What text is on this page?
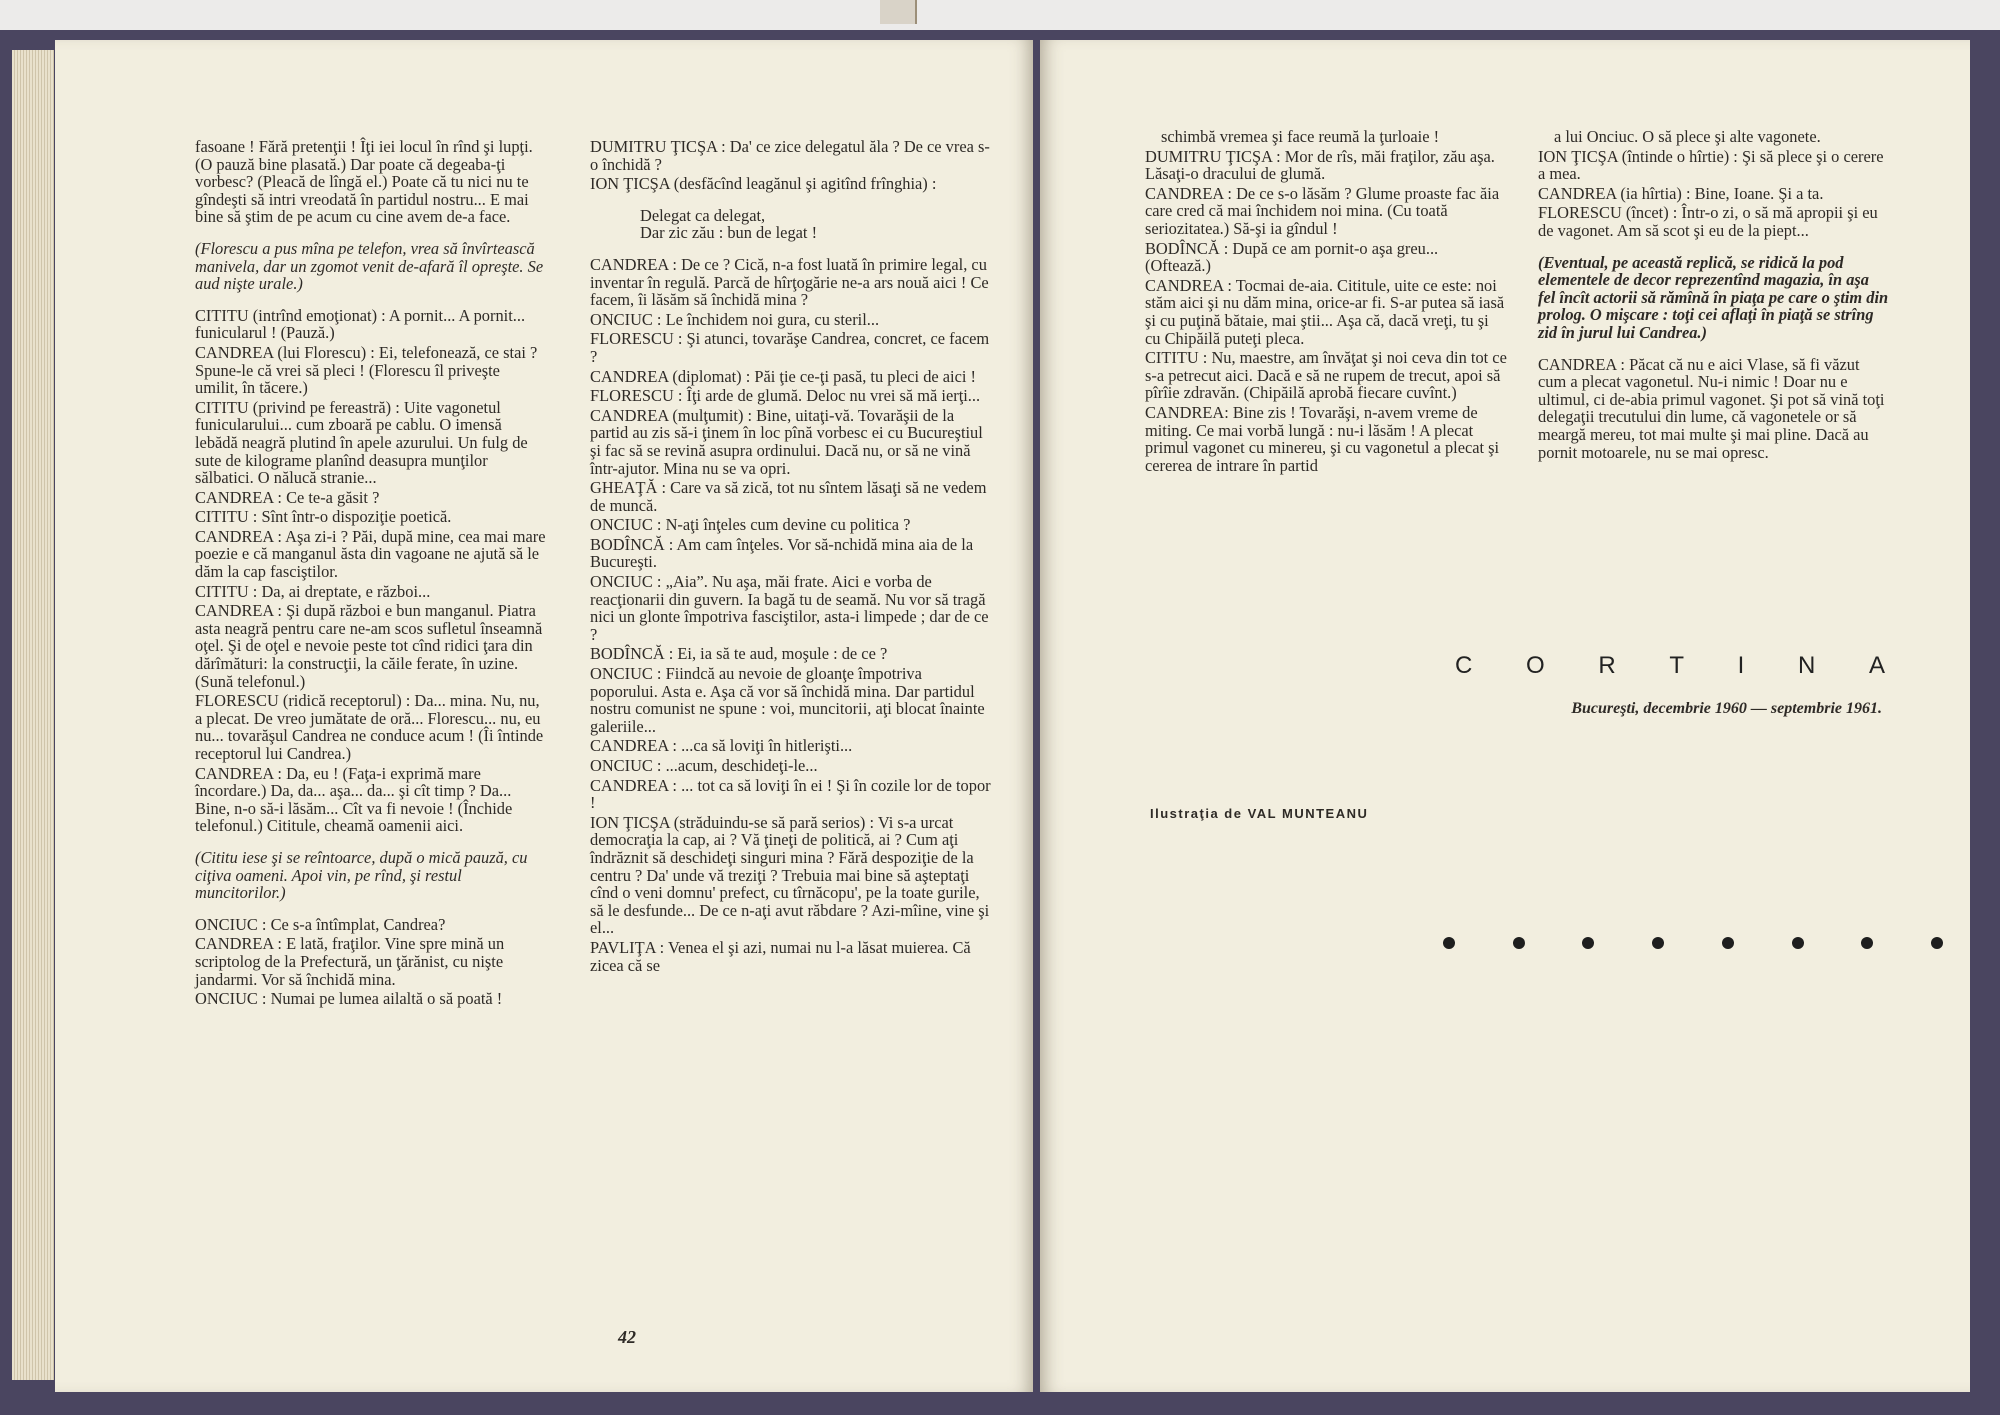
fasoane ! Fără pretenţii ! Îţi iei locul în rînd şi lupţi. (O pauză bine plasată.) Dar poate că degeaba-ţi vorbesc? (Pleacă de lîngă el.) Poate că tu nici nu te gîndeşti să intri vreodată în partidul nostru... E mai bine să ştim de pe acum cu cine avem de-a face.

(Florescu a pus mîna pe telefon, vrea să învîrtească manivela, dar un zgomot venit de-afară îl opreşte. Se aud nişte urale.)

CITITU (intrînd emoţionat) : A pornit... A pornit... funicularul ! (Pauză.)

CANDREA (lui Florescu) : Ei, telefonează, ce stai ? Spune-le că vrei să pleci ! (Florescu îl priveşte umilit, în tăcere.)

CITITU (privind pe fereastră) : Uite vagonetul funicularului... cum zboară pe cablu. O imensă lebădă neagră plutind în apele azurului. Un fulg de sute de kilograme planînd deasupra munţilor sălbatici. O nălucă stranie...

CANDREA : Ce te-a găsit ?

CITITU : Sînt într-o dispoziţie poetică.

CANDREA : Aşa zi-i ? Păi, după mine, cea mai mare poezie e că manganul ăsta din vagoane ne ajută să le dăm la cap fasciştilor.

CITITU : Da, ai dreptate, e război...

CANDREA : Şi după război e bun manganul. Piatra asta neagră pentru care ne-am scos sufletul înseamnă oţel. Şi de oţel e nevoie peste tot cînd ridici ţara din dărîmături: la construcţii, la căile ferate, în uzine. (Sună telefonul.)

FLORESCU (ridică receptorul) : Da... mina. Nu, nu, a plecat. De vreo jumătate de oră... Florescu... nu, eu nu... tovarăşul Candrea ne conduce acum ! (Îi întinde receptorul lui Candrea.)

CANDREA : Da, eu ! (Faţa-i exprimă mare încordare.) Da, da... aşa... da... şi cît timp ? Da... Bine, n-o să-i lăsăm... Cît va fi nevoie ! (Închide telefonul.) Cititule, cheamă oamenii aici.

(Cititu iese şi se reîntoarce, după o mică pauză, cu ciţiva oameni. Apoi vin, pe rînd, şi restul muncitorilor.)

ONCIUC : Ce s-a întîmplat, Candrea?

CANDREA : E lată, fraţilor. Vine spre mină un scriptolog de la Prefectură, un ţărănist, cu nişte jandarmi. Vor să închidă mina.

ONCIUC : Numai pe lumea ailaltă o să poată !

DUMITRU ŢICŞA : Da' ce zice delegatul ăla ? De ce vrea s-o închidă ?

ION ŢICŞA (desfăcînd leagănul şi agitînd frînghia) :

Delegat ca delegat,

Dar zic zău : bun de legat !

CANDREA : De ce ? Cică, n-a fost luată în primire legal, cu inventar în regulă. Parcă de hîrţogărie ne-a ars nouă aici ! Ce facem, îi lăsăm să închidă mina ?

ONCIUC : Le închidem noi gura, cu steril...

FLORESCU : Şi atunci, tovarăşe Candrea, concret, ce facem ?

CANDREA (diplomat) : Păi ţie ce-ţi pasă, tu pleci de aici !

FLORESCU : Îţi arde de glumă. Deloc nu vrei să mă ierţi...

CANDREA (mulţumit) : Bine, uitaţi-vă. Tovarăşii de la partid au zis să-i ţinem în loc pînă vorbesc ei cu Bucureştiul şi fac să se revină asupra ordinului. Dacă nu, or să ne vină într-ajutor. Mina nu se va opri.

GHEAŢĂ : Care va să zică, tot nu sîntem lăsaţi să ne vedem de muncă.

ONCIUC : N-aţi înţeles cum devine cu politica ?

BODÎNCĂ : Am cam înţeles. Vor să-nchidă mina aia de la Bucureşti.

ONCIUC : „Aia”. Nu aşa, măi frate. Aici e vorba de reacţionarii din guvern. Ia bagă tu de seamă. Nu vor să tragă nici un glonte împotriva fasciştilor, asta-i limpede ; dar de ce ?

BODÎNCĂ : Ei, ia să te aud, moşule : de ce ?

ONCIUC : Fiindcă au nevoie de gloanţe împotriva poporului. Asta e. Aşa că vor să închidă mina. Dar partidul nostru comunist ne spune : voi, muncitorii, aţi blocat înainte galeriile...

CANDREA : ...ca să loviţi în hitlerişti...

ONCIUC : ...acum, deschideţi-le...

CANDREA : ... tot ca să loviţi în ei ! Şi în cozile lor de topor !

ION ŢICŞA (străduindu-se să pară serios) : Vi s-a urcat democraţia la cap, ai ? Vă ţineţi de politică, ai ? Cum aţi îndrăznit să deschideţi singuri mina ? Fără despoziţie de la centru ? Da' unde vă treziţi ? Trebuia mai bine să aşteptaţi cînd o veni domnu' prefect, cu tîrnăcopu', pe la toate gurile, să le desfunde... De ce n-aţi avut răbdare ? Azi-mîine, vine şi el...

PAVLIŢA : Venea el şi azi, numai nu l-a lăsat muierea. Că zicea că se

42

schimbă vremea şi face reumă la ţurloaie !

DUMITRU ŢICŞA : Mor de rîs, măi fraţilor, zău aşa. Lăsaţi-o dracului de glumă.

CANDREA : De ce s-o lăsăm ? Glume proaste fac ăia care cred că mai închidem noi mina. (Cu toată seriozitatea.) Să-şi ia gîndul !

BODÎNCĂ : După ce am pornit-o aşa greu... (Oftează.)

CANDREA : Tocmai de-aia. Cititule, uite ce este: noi stăm aici şi nu dăm mina, orice-ar fi. S-ar putea să iasă şi cu puţină bătaie, mai ştii... Aşa că, dacă vreţi, tu şi cu Chipăilă puteţi pleca.

CITITU : Nu, maestre, am învăţat şi noi ceva din tot ce s-a petrecut aici. Dacă e să ne rupem de trecut, apoi să pîrîie zdravăn. (Chipăilă aprobă fiecare cuvînt.)

CANDREA: Bine zis ! Tovarăşi, n-avem vreme de miting. Ce mai vorbă lungă : nu-i lăsăm ! A plecat primul vagonet cu minereu, şi cu vagonetul a plecat şi cererea de intrare în partid

a lui Onciuc. O să plece şi alte vagonete.

ION ŢICŞA (întinde o hîrtie) : Şi să plece şi o cerere a mea.

CANDREA (ia hîrtia) : Bine, Ioane. Şi a ta.

FLORESCU (încet) : Într-o zi, o să mă apropii şi eu de vagonet. Am să scot şi eu de la piept...

(Eventual, pe această replică, se ridică la pod elementele de decor reprezentînd magazia, în aşa fel încît actorii să rămînă în piaţa pe care o ştim din prolog. O mişcare : toţi cei aflaţi în piaţă se strîng zid în jurul lui Candrea.)

CANDREA : Păcat că nu e aici Vlase, să fi văzut cum a plecat vagonetul. Nu-i nimic ! Doar nu e ultimul, ci de-abia primul vagonet. Şi pot să vină toţi delegaţii trecutului din lume, că vagonetele or să meargă mereu, tot mai multe şi mai pline. Dacă au pornit motoarele, nu se mai opresc.

C O R T I N A
Bucureşti, decembrie 1960 — septembrie 1961.
Ilustraţia de VAL MUNTEANU
